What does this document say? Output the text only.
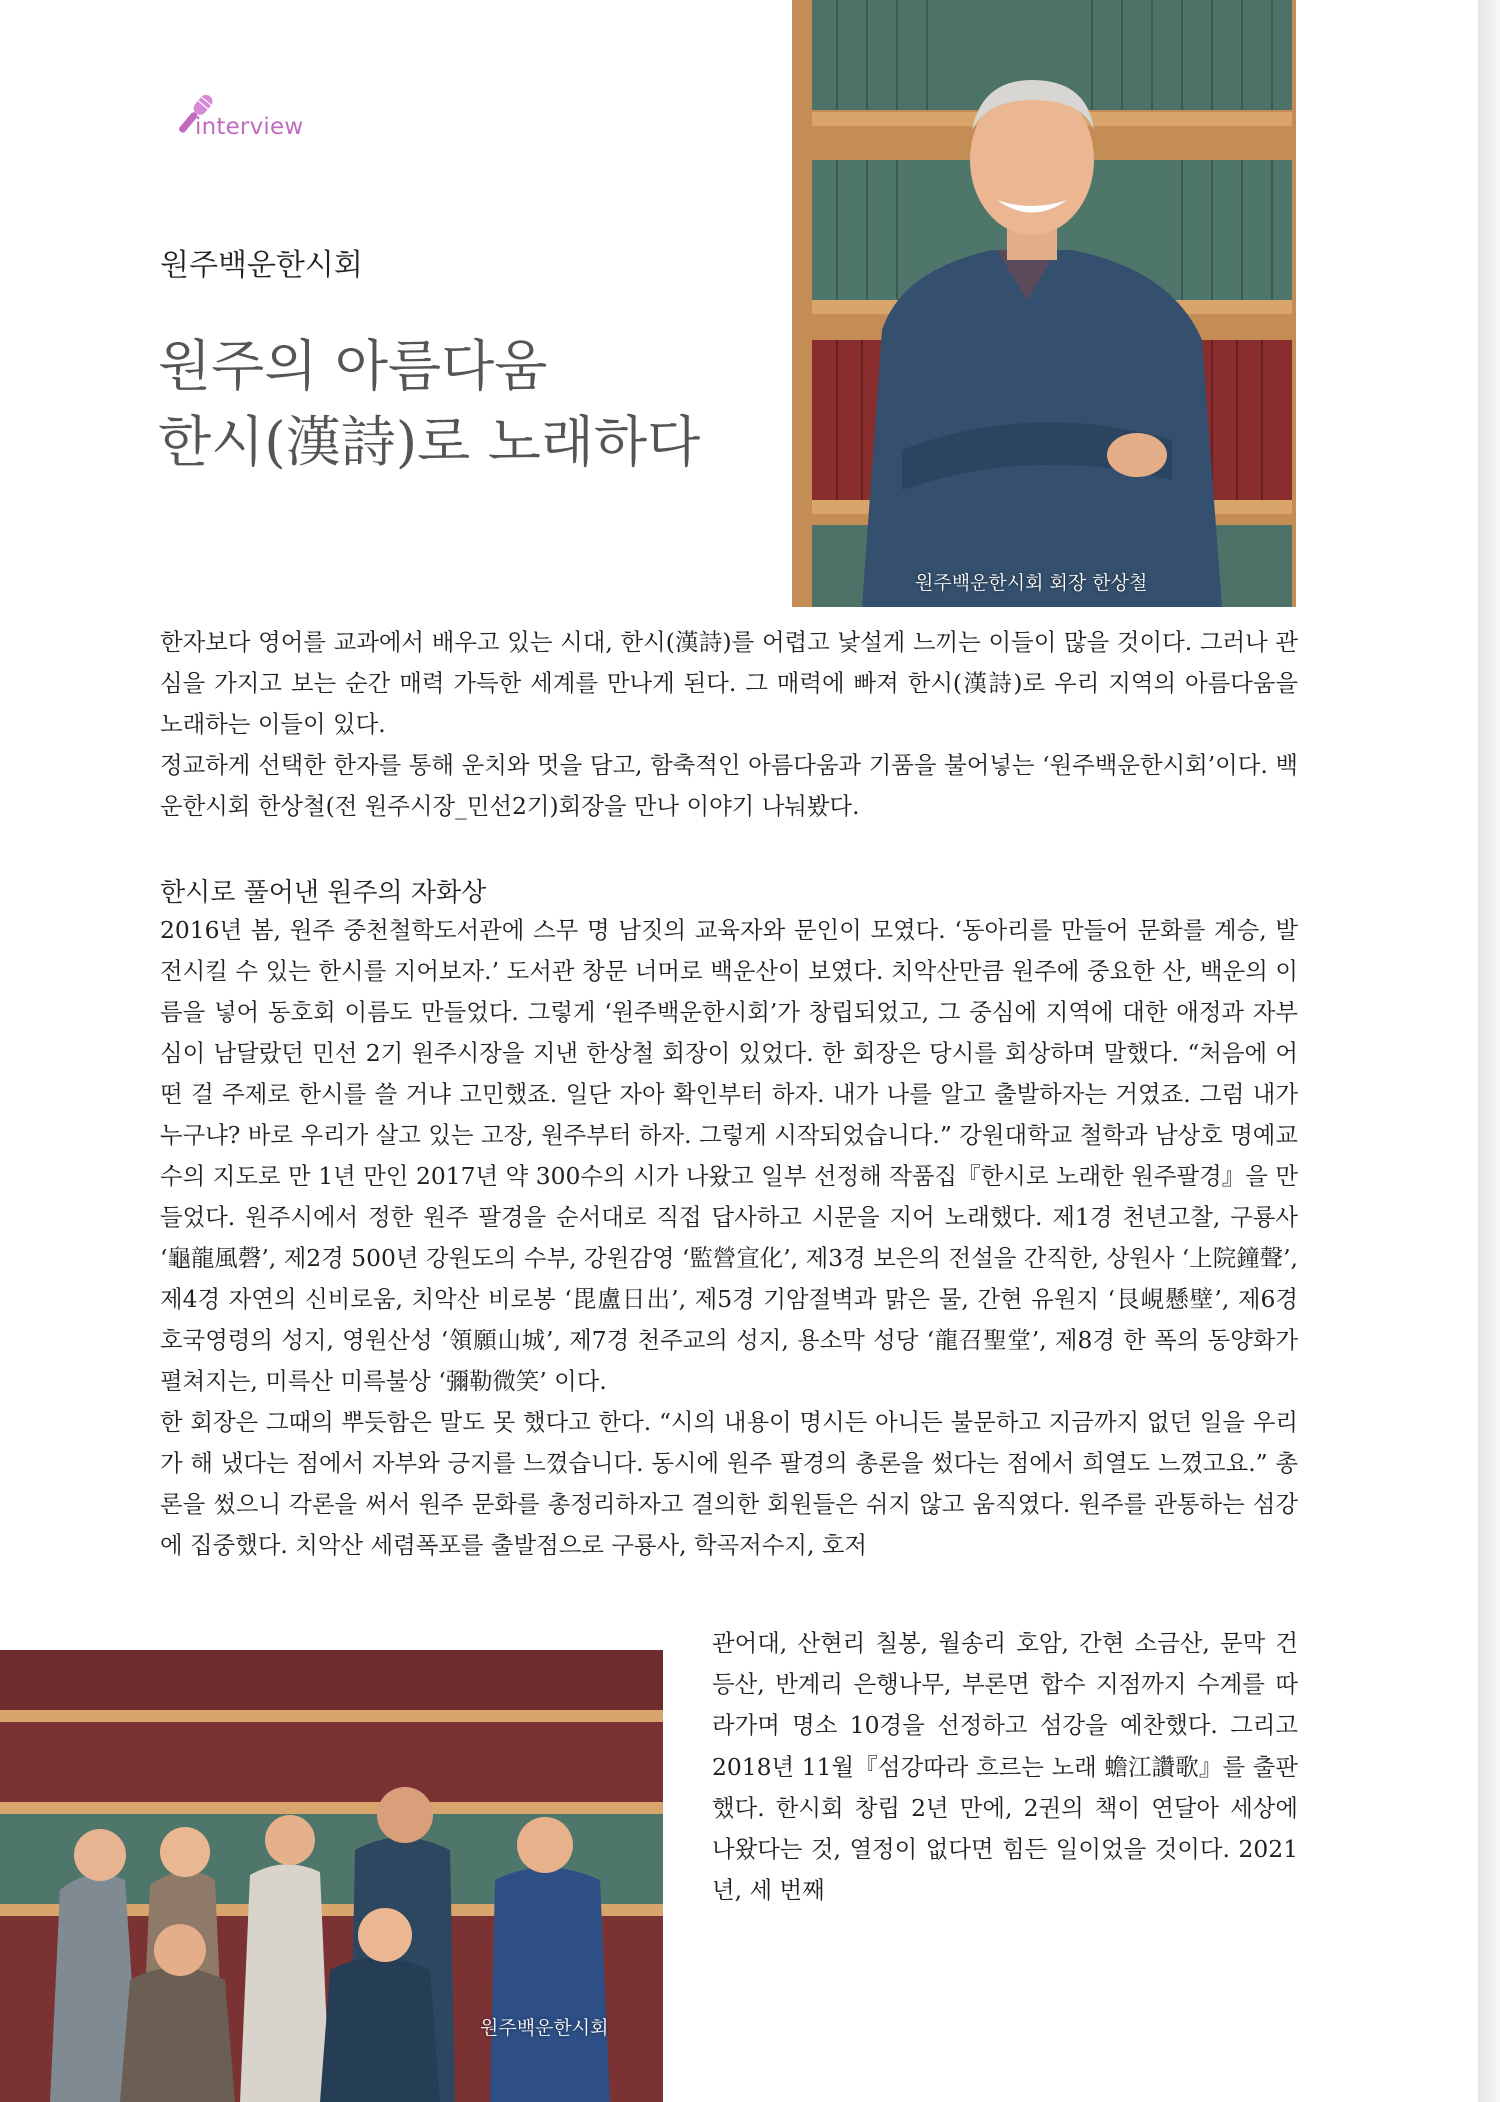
interview
원주백운한시회
원주의 아름다움
한시(漢詩)로 노래하다
원주백운한시회 회장 한상철

한자보다 영어를 교과에서 배우고 있는 시대, 한시(漢詩)를 어렵고 낯설게 느끼는 이들이 많을 것이다. 그러나 관심을 가지고 보는 순간 매력 가득한 세계를 만나게 된다. 그 매력에 빠져 한시(漢詩)로 우리 지역의 아름다움을 노래하는 이들이 있다.

정교하게 선택한 한자를 통해 운치와 멋을 담고, 함축적인 아름다움과 기품을 불어넣는 ‘원주백운한시회’이다. 백운한시회 한상철(전 원주시장_민선2기)회장을 만나 이야기 나눠봤다.

한시로 풀어낸 원주의 자화상

2016년 봄, 원주 중천철학도서관에 스무 명 남짓의 교육자와 문인이 모였다. ‘동아리를 만들어 문화를 계승, 발전시킬 수 있는 한시를 지어보자.’ 도서관 창문 너머로 백운산이 보였다. 치악산만큼 원주에 중요한 산, 백운의 이름을 넣어 동호회 이름도 만들었다. 그렇게 ‘원주백운한시회’가 창립되었고, 그 중심에 지역에 대한 애정과 자부심이 남달랐던 민선 2기 원주시장을 지낸 한상철 회장이 있었다. 한 회장은 당시를 회상하며 말했다. “처음에 어떤 걸 주제로 한시를 쓸 거냐 고민했죠. 일단 자아 확인부터 하자. 내가 나를 알고 출발하자는 거였죠. 그럼 내가 누구냐? 바로 우리가 살고 있는 고장, 원주부터 하자. 그렇게 시작되었습니다.” 강원대학교 철학과 남상호 명예교수의 지도로 만 1년 만인 2017년 약 300수의 시가 나왔고 일부 선정해 작품집『한시로 노래한 원주팔경』을 만들었다. 원주시에서 정한 원주 팔경을 순서대로 직접 답사하고 시문을 지어 노래했다. 제1경 천년고찰, 구룡사 ‘龜龍風磬’, 제2경 500년 강원도의 수부, 강원감영 ‘監營宣化’, 제3경 보은의 전설을 간직한, 상원사 ‘上院鐘聲’, 제4경 자연의 신비로움, 치악산 비로봉 ‘毘盧日出’, 제5경 기암절벽과 맑은 물, 간현 유원지 ‘艮峴懸壁’, 제6경 호국영령의 성지, 영원산성 ‘領願山城’, 제7경 천주교의 성지, 용소막 성당 ‘龍召聖堂’, 제8경 한 폭의 동양화가 펼쳐지는, 미륵산 미륵불상 ‘彌勒微笑’ 이다.

한 회장은 그때의 뿌듯함은 말도 못 했다고 한다. “시의 내용이 명시든 아니든 불문하고 지금까지 없던 일을 우리가 해 냈다는 점에서 자부와 긍지를 느꼈습니다. 동시에 원주 팔경의 총론을 썼다는 점에서 희열도 느꼈고요.” 총론을 썼으니 각론을 써서 원주 문화를 총정리하자고 결의한 회원들은 쉬지 않고 움직였다. 원주를 관통하는 섬강에 집중했다. 치악산 세렴폭포를 출발점으로 구룡사, 학곡저수지, 호저

관어대, 산현리 칠봉, 월송리 호암, 간현 소금산, 문막 건등산, 반계리 은행나무, 부론면 합수 지점까지 수계를 따라가며 명소 10경을 선정하고 섬강을 예찬했다. 그리고 2018년 11월『섬강따라 흐르는 노래 蟾江讚歌』를 출판했다. 한시회 창립 2년 만에, 2권의 책이 연달아 세상에 나왔다는 것, 열정이 없다면 힘든 일이었을 것이다. 2021년, 세 번째

원주백운한시회
